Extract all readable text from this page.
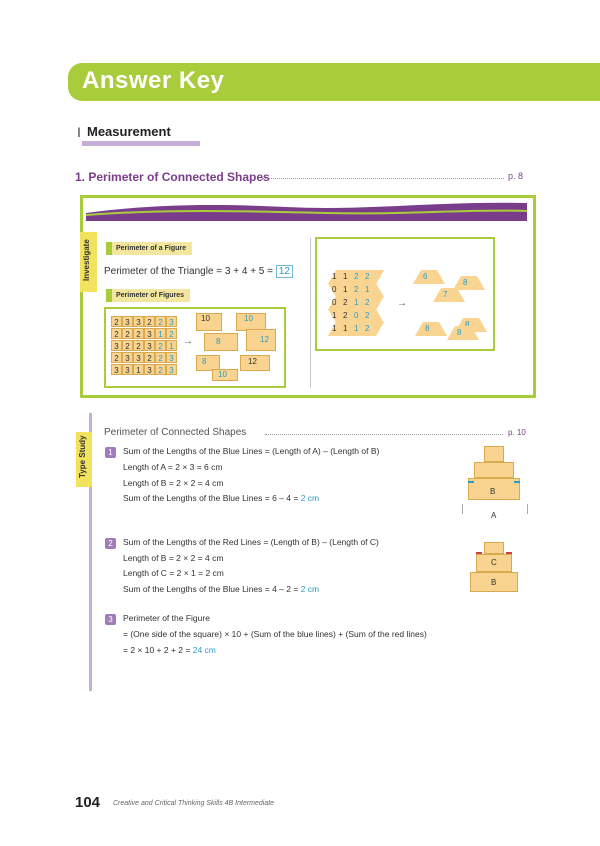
Answer Key
I Measurement
1. Perimeter of Connected Shapes	p. 8
Investigate	Perimeter of a Figure
Perimeter of the Triangle = 3 + 4 + 5 = 12
Perimeter of Figures
2 3 3 2 2 3
2 2 2 3 1 2
3 2 2 3 2 1
2 3 3 2 2 3
3 3 1 3 2 3
→
10	10
8	12
8	12
10
1 1 2 2
0 1 2 1
0 2 1 2
1 2 0 2
1 1 1 2
→
6
8
7
8
8	8
Type Study
Perimeter of Connected Shapes	p. 10
1	Sum of the Lengths of the Blue Lines = (Length of A) – (Length of B)
Length of A = 2 × 3 = 6 cm
Length of B = 2 × 2 = 4 cm
Sum of the Lengths of the Blue Lines = 6 – 4 = 2 cm
B
A
2	Sum of the Lengths of the Red Lines = (Length of B) – (Length of C)
Length of B = 2 × 2 = 4 cm
Length of C = 2 × 1 = 2 cm
Sum of the Lengths of the Blue Lines = 4 – 2 = 2 cm
C
B
3	Perimeter of the Figure
= (One side of the square) × 10 + (Sum of the blue lines) + (Sum of the red lines)
= 2 × 10 + 2 + 2 = 24 cm
104 Creative and Critical Thinking Skills 4B Intermediate
